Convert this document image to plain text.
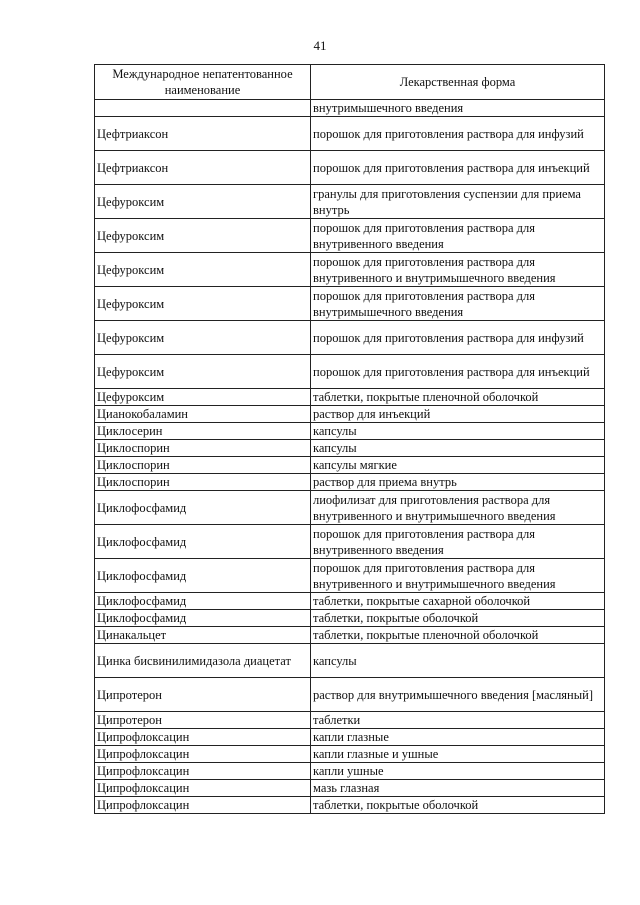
41
Международное непатентованное наименование	Лекарственная форма
	внутримышечного введения
Цефтриаксон	порошок для приготовления раствора для инфузий
Цефтриаксон	порошок для приготовления раствора для инъекций
Цефуроксим	гранулы для приготовления суспензии для приема внутрь
Цефуроксим	порошок для приготовления раствора для внутривенного введения
Цефуроксим	порошок для приготовления раствора для внутривенного и внутримышечного введения
Цефуроксим	порошок для приготовления раствора для внутримышечного введения
Цефуроксим	порошок для приготовления раствора для инфузий
Цефуроксим	порошок для приготовления раствора для инъекций
Цефуроксим	таблетки, покрытые пленочной оболочкой
Цианокобаламин	раствор для инъекций
Циклосерин	капсулы
Циклоспорин	капсулы
Циклоспорин	капсулы мягкие
Циклоспорин	раствор для приема внутрь
Циклофосфамид	лиофилизат для приготовления раствора для внутривенного и внутримышечного введения
Циклофосфамид	порошок для приготовления раствора для внутривенного введения
Циклофосфамид	порошок для приготовления раствора для внутривенного и внутримышечного введения
Циклофосфамид	таблетки, покрытые сахарной оболочкой
Циклофосфамид	таблетки, покрытые оболочкой
Цинакальцет	таблетки, покрытые пленочной оболочкой
Цинка бисвинилимидазола диацетат	капсулы
Ципротерон	раствор для внутримышечного введения [масляный]
Ципротерон	таблетки
Ципрофлоксацин	капли глазные
Ципрофлоксацин	капли глазные и ушные
Ципрофлоксацин	капли ушные
Ципрофлоксацин	мазь глазная
Ципрофлоксацин	таблетки, покрытые оболочкой
